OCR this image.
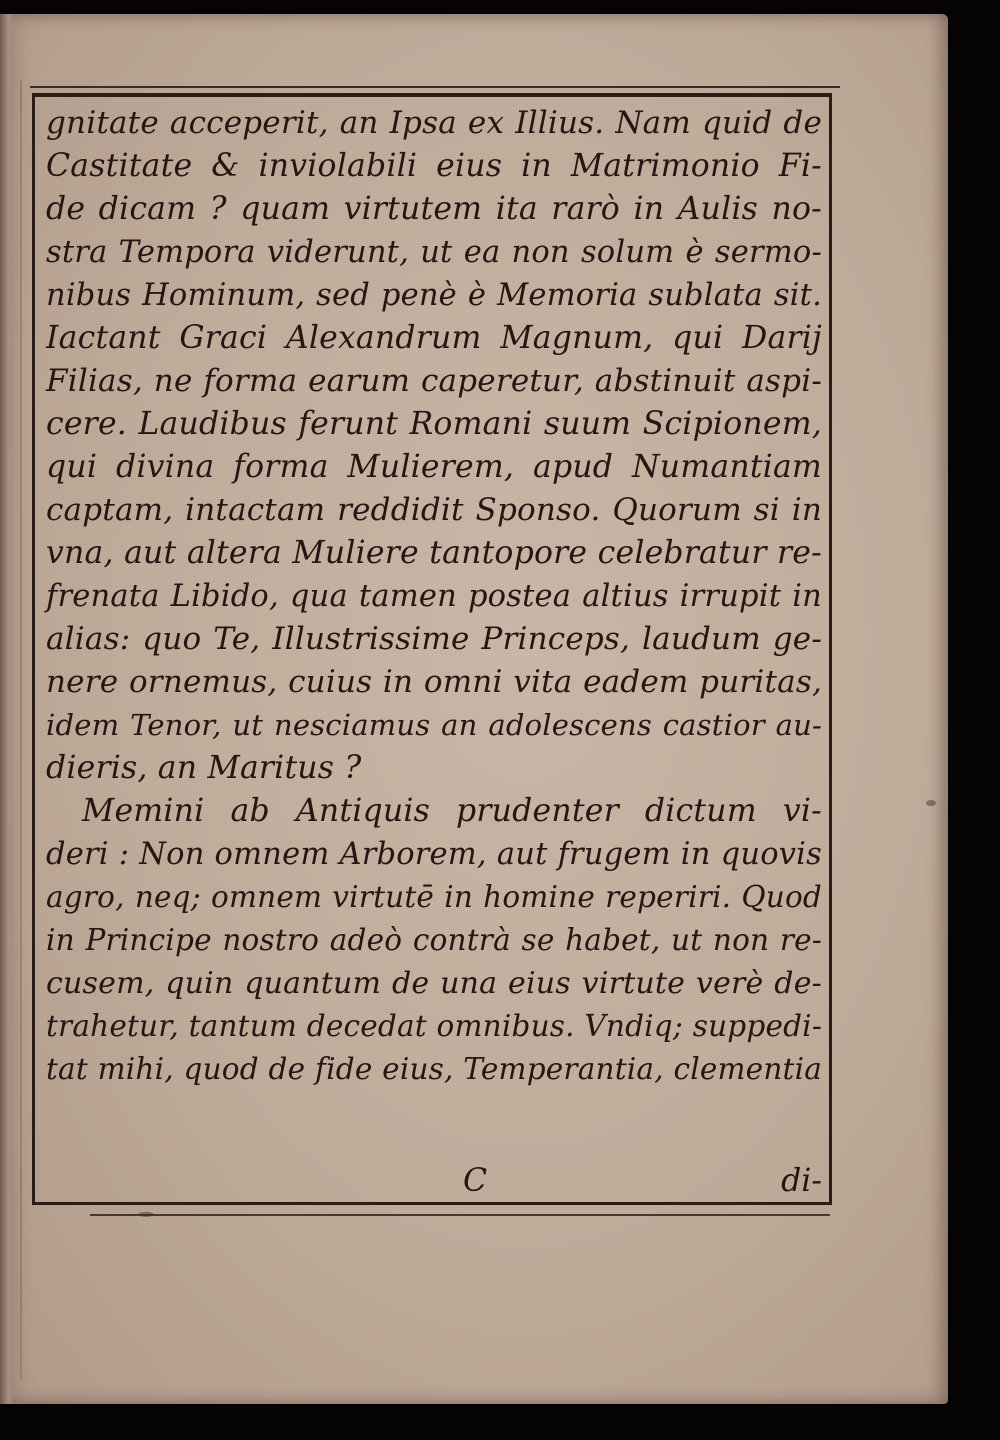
gnitate acceperit, an Ipsa ex Illius. Nam quid de
Castitate & inviolabili eius in Matrimonio Fi-
de dicam ? quam virtutem ita rarò in Aulis no-
stra Tempora viderunt, ut ea non solum è sermo-
nibus Hominum, sed penè è Memoria sublata sit.
Iactant Graci Alexandrum Magnum, qui Darij
Filias, ne forma earum caperetur, abstinuit aspi-
cere. Laudibus ferunt Romani suum Scipionem,
qui divina forma Mulierem, apud Numantiam
captam, intactam reddidit Sponso. Quorum si in
vna, aut altera Muliere tantopore celebratur re-
frenata Libido, qua tamen postea altius irrupit in
alias: quo Te, Illustrissime Princeps, laudum ge-
nere ornemus, cuius in omni vita eadem puritas,
idem Tenor, ut nesciamus an adolescens castior au-
dieris, an Maritus ?
Memini ab Antiquis prudenter dictum vi-
deri : Non omnem Arborem, aut frugem in quovis
agro, neq; omnem virtutē in homine reperiri. Quod
in Principe nostro adeò contrà se habet, ut non re-
cusem, quin quantum de una eius virtute verè de-
trahetur, tantum decedat omnibus. Vndiq; suppedi-
tat mihi, quod de fide eius, Temperantia, clementia
C	di-
